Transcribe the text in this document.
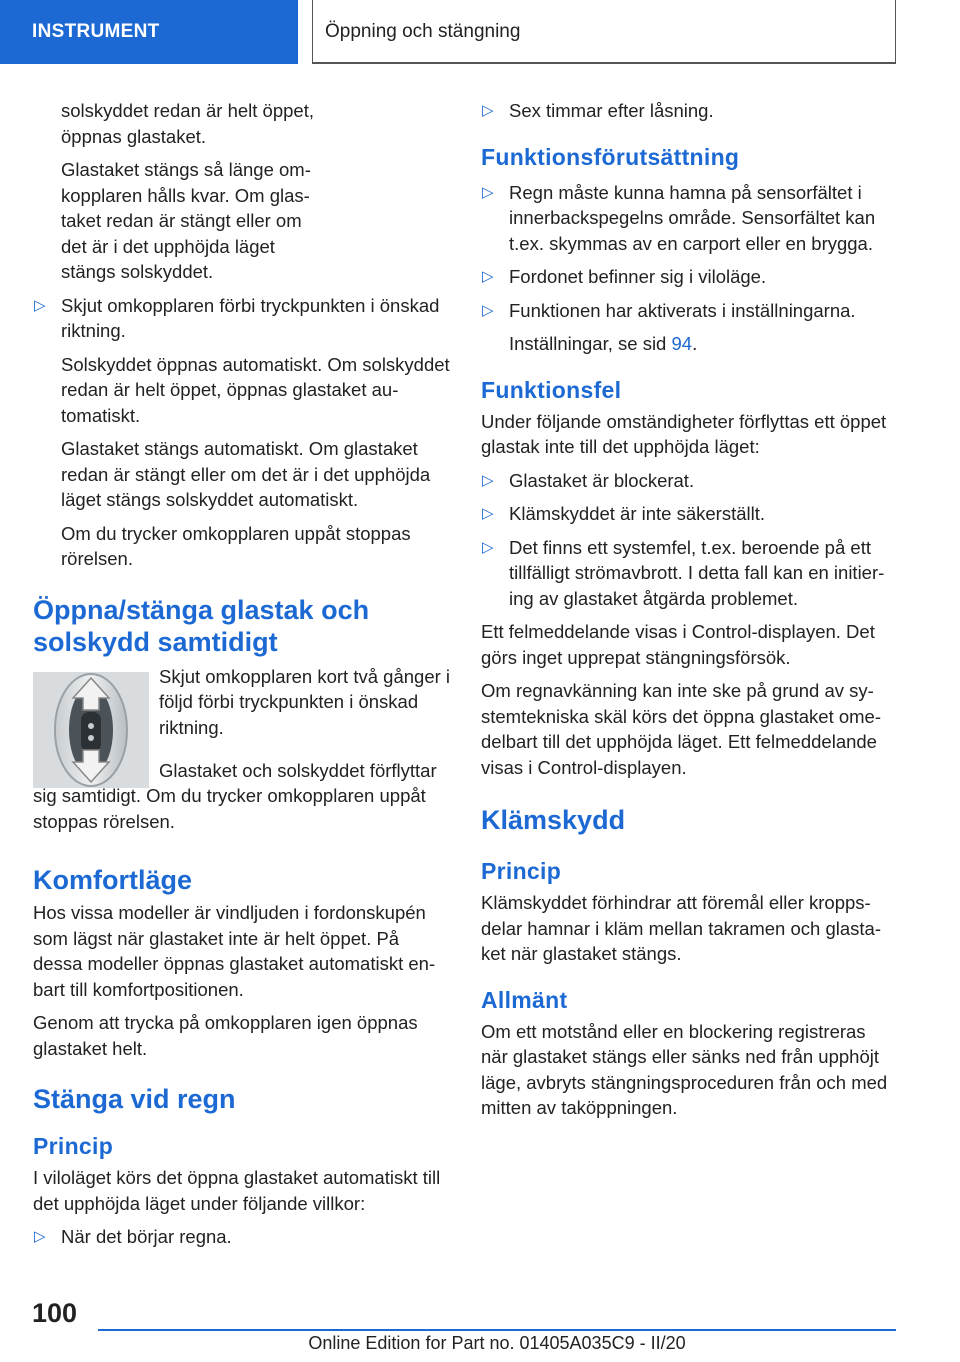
INSTRUMENT	Öppning och stängning

solskyddet redan är helt öppet, öppnas glastaket.

Glastaket stängs så länge omkopplaren hålls kvar. Om glastaket redan är stängt eller om det är i det upphöjda läget stängs solskyddet.

▷ Skjut omkopplaren förbi tryckpunkten i önskad riktning.

Solskyddet öppnas automatiskt. Om solskyddet redan är helt öppet, öppnas glastaket automatiskt.

Glastaket stängs automatiskt. Om glastaket redan är stängt eller om det är i det upphöjda läget stängs solskyddet automatiskt.

Om du trycker omkopplaren uppåt stoppas rörelsen.

Öppna/stänga glastak och solskydd samtidigt

Skjut omkopplaren kort två gånger i följd förbi tryckpunkten i önskad riktning.

Glastaket och solskyddet förflyttar sig samtidigt. Om du trycker omkopplaren uppåt stoppas rörelsen.

Komfortläge

Hos vissa modeller är vindljuden i fordonskupén som lägst när glastaket inte är helt öppet. På dessa modeller öppnas glastaket automatiskt enbart till komfortpositionen.

Genom att trycka på omkopplaren igen öppnas glastaket helt.

Stänga vid regn
Princip

I viloläget körs det öppna glastaket automatiskt till det upphöjda läget under följande villkor:

▷ När det börjar regna.
▷ Sex timmar efter låsning.
Funktionsförutsättning
▷ Regn måste kunna hamna på sensorfältet i innerbackspegelns område. Sensorfältet kan t.ex. skymmas av en carport eller en brygga.
▷ Fordonet befinner sig i viloläge.
▷ Funktionen har aktiverats i inställningarna.

Inställningar, se sid 94.

Funktionsfel

Under följande omständigheter förflyttas ett öppet glastak inte till det upphöjda läget:

▷ Glastaket är blockerat.
▷ Klämskyddet är inte säkerställt.
▷ Det finns ett systemfel, t.ex. beroende på ett tillfälligt strömavbrott. I detta fall kan en initiering av glastaket åtgärda problemet.

Ett felmeddelande visas i Control-displayen. Det görs inget upprepat stängningsförsök.

Om regnavkänning kan inte ske på grund av systemtekniska skäl körs det öppna glastaket omedelbart till det upphöjda läget. Ett felmeddelande visas i Control-displayen.

Klämskydd
Princip

Klämskyddet förhindrar att föremål eller kroppsdelar hamnar i kläm mellan takramen och glastaket när glastaket stängs.

Allmänt

Om ett motstånd eller en blockering registreras när glastaket stängs eller sänks ned från upphöjt läge, avbryts stängningsproceduren från och med mitten av taköppningen.

100
Online Edition for Part no. 01405A035C9 - II/20
